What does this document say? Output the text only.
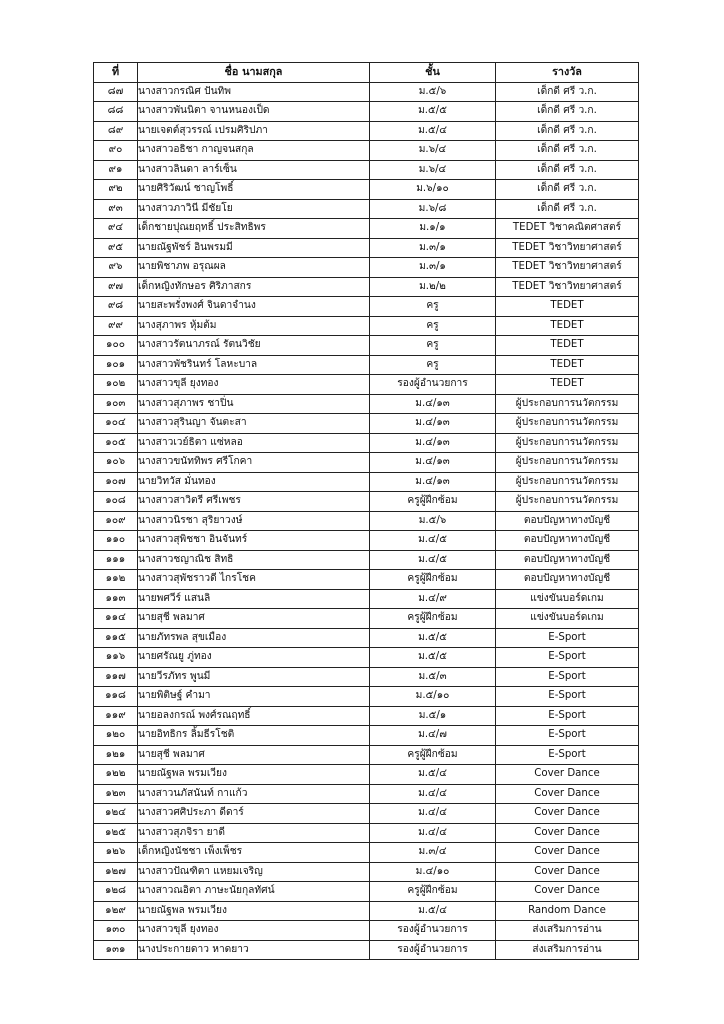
ที่	ชื่อ นามสกุล	ชั้น	รางวัล
๘๗	นางสาวกรณิศ ปันทิพ	ม.๕/๖	เด็กดี ศรี ว.ก.
๘๘	นางสาวพันนิตา จานหนองเป็ด	ม.๕/๕	เด็กดี ศรี ว.ก.
๘๙	นายเจตต์สุวรรณ์ เปรมศิริปภา	ม.๕/๔	เด็กดี ศรี ว.ก.
๙๐	นางสาวอธิชา กาญจนสกุล	ม.๖/๔	เด็กดี ศรี ว.ก.
๙๑	นางสาวลินดา ลาร์เซ็น	ม.๖/๔	เด็กดี ศรี ว.ก.
๙๒	นายศิริวัฒน์ ชาญโพธิ์	ม.๖/๑๐	เด็กดี ศรี ว.ก.
๙๓	นางสาวภาวินี มีชัยโย	ม.๖/๘	เด็กดี ศรี ว.ก.
๙๔	เด็กชายปุณยฤทธิ์ ประสิทธิพร	ม.๑/๑	TEDET วิชาคณิตศาสตร์
๙๕	นายณัฐพัชร์ อินพรมมี	ม.๓/๑	TEDET วิชาวิทยาศาสตร์
๙๖	นายพิชาภพ อรุณผล	ม.๓/๑	TEDET วิชาวิทยาศาสตร์
๙๗	เด็กหญิงทักษอร ศิริภาสกร	ม.๒/๒	TEDET วิชาวิทยาศาสตร์
๙๘	นายสะพรั่งพงศ์ จินดาจำนง	ครู	TEDET
๙๙	นางสุภาพร หุ้มต้ม	ครู	TEDET
๑๐๐	นางสาวรัตนาภรณ์ รัตนวิชัย	ครู	TEDET
๑๐๑	นางสาวพัชรินทร์ โลหะบาล	ครู	TEDET
๑๐๒	นางสาวขุลี ยุงทอง	รองผู้อำนวยการ	TEDET
๑๐๓	นางสาวสุภาพร ชาปิ่น	ม.๔/๑๓	ผู้ประกอบการนวัตกรรม
๑๐๔	นางสาวสุรินญา จันตะสา	ม.๔/๑๓	ผู้ประกอบการนวัตกรรม
๑๐๕	นางสาวเวย์ธิตา แซ่หลอ	ม.๔/๑๓	ผู้ประกอบการนวัตกรรม
๑๐๖	นางสาวขนัททิพร ศรีโกคา	ม.๔/๑๓	ผู้ประกอบการนวัตกรรม
๑๐๗	นายวิทวัส มั่นทอง	ม.๔/๑๓	ผู้ประกอบการนวัตกรรม
๑๐๘	นางสาวสาวิตรี ศรีเพชร	ครูผู้ฝึกซ้อม	ผู้ประกอบการนวัตกรรม
๑๐๙	นางสาวนิรชา สุริยาวงษ์	ม.๕/๖	ตอบปัญหาทางบัญชี
๑๑๐	นางสาวสุพิชชา อินจันทร์	ม.๔/๕	ตอบปัญหาทางบัญชี
๑๑๑	นางสาวชญาณิช สิทธิ	ม.๔/๕	ตอบปัญหาทางบัญชี
๑๑๒	นางสาวสุพัชราวดี ไกรโชค	ครูผู้ฝึกซ้อม	ตอบปัญหาทางบัญชี
๑๑๓	นายพศวีร์ แสนลิ	ม.๔/๙	แข่งขันบอร์ดเกม
๑๑๔	นายสุชี พลมาศ	ครูผู้ฝึกซ้อม	แข่งขันบอร์ดเกม
๑๑๕	นายภัทรพล สุขเมือง	ม.๕/๕	E-Sport
๑๑๖	นายศรัณยู ภู่ทอง	ม.๕/๕	E-Sport
๑๑๗	นายวีรภัทร พูนมี	ม.๕/๓	E-Sport
๑๑๘	นายพิติษฐ์ คำมา	ม.๕/๑๐	E-Sport
๑๑๙	นายอลงกรณ์ พงศ์รณฤทธิ์	ม.๕/๑	E-Sport
๑๒๐	นายอิทธิกร ลิ้มธีรโชติ	ม.๔/๗	E-Sport
๑๒๑	นายสุชี พลมาศ	ครูผู้ฝึกซ้อม	E-Sport
๑๒๒	นายณัฐพล พรมเวียง	ม.๕/๔	Cover Dance
๑๒๓	นางสาวนภัสนันท์ กาแก้ว	ม.๔/๔	Cover Dance
๑๒๔	นางสาวศศิประภา ดีดาร์	ม.๔/๔	Cover Dance
๑๒๕	นางสาวสุภจิรา ยาดี	ม.๔/๔	Cover Dance
๑๒๖	เด็กหญิงนัชชา เพ็งเพ็ชร	ม.๓/๔	Cover Dance
๑๒๗	นางสาวปัณฑิตา แหยมเจริญ	ม.๔/๑๐	Cover Dance
๑๒๘	นางสาวณอิตา ภาษะนัยกุลทัศน์	ครูผู้ฝึกซ้อม	Cover Dance
๑๒๙	นายณัฐพล พรมเวียง	ม.๕/๔	Random Dance
๑๓๐	นางสาวขุลี ยุงทอง	รองผู้อำนวยการ	ส่งเสริมการอ่าน
๑๓๑	นางประกายดาว หาดยาว	รองผู้อำนวยการ	ส่งเสริมการอ่าน
